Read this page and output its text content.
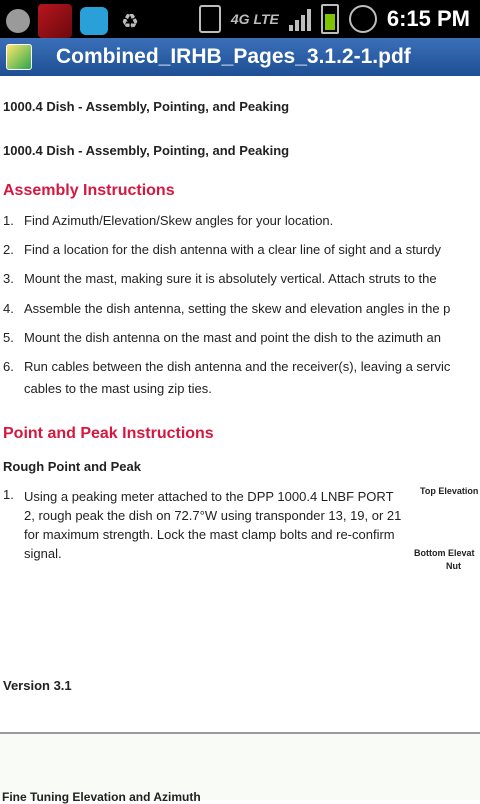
♻	4G LTE	6:15 PM
Combined_IRHB_Pages_3.1.2-1.pdf
1000.4 Dish - Assembly, Pointing, and Peaking
1000.4 Dish - Assembly, Pointing, and Peaking
Assembly Instructions
1. Find Azimuth/Elevation/Skew angles for your location.
2. Find a location for the dish antenna with a clear line of sight and a sturdy
3. Mount the mast, making sure it is absolutely vertical. Attach struts to the
4. Assemble the dish antenna, setting the skew and elevation angles in the p
5. Mount the dish antenna on the mast and point the dish to the azimuth an
6. Run cables between the dish antenna and the receiver(s), leaving a servic
cables to the mast using zip ties.
Point and Peak Instructions
Rough Point and Peak
1. Using a peaking meter attached to the DPP 1000.4 LNBF PORT 2, rough peak the dish on 72.7°W using transponder 13, 19, or 21 for maximum strength. Lock the mast clamp bolts and re-confirm signal.
Top Elevation
Bottom Elevat
Nut
Version 3.1
Fine Tuning Elevation and Azimuth
